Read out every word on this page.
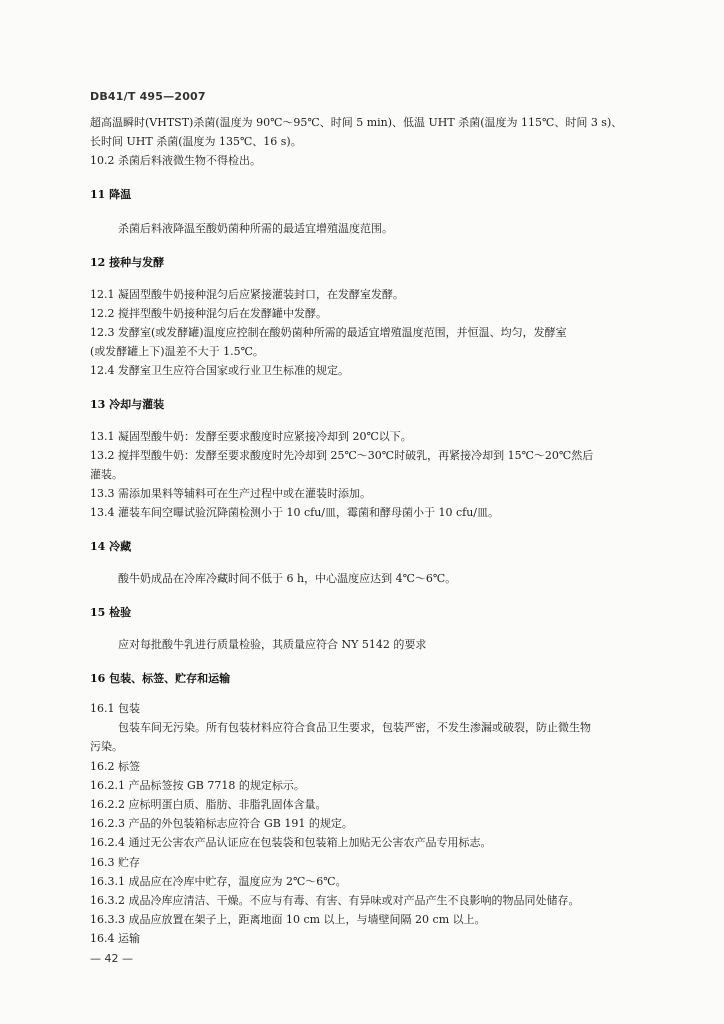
DB41/T 495—2007
超高温瞬时(VHTST)杀菌(温度为 90℃～95℃、时间 5 min)、低温 UHT 杀菌(温度为 115℃、时间 3 s)、
长时间 UHT 杀菌(温度为 135℃、16 s)。
10.2 杀菌后料液微生物不得检出。
11 降温
杀菌后料液降温至酸奶菌种所需的最适宜增殖温度范围。
12 接种与发酵
12.1 凝固型酸牛奶接种混匀后应紧接灌装封口，在发酵室发酵。
12.2 搅拌型酸牛奶接种混匀后在发酵罐中发酵。
12.3 发酵室(或发酵罐)温度应控制在酸奶菌种所需的最适宜增殖温度范围，并恒温、均匀，发酵室
(或发酵罐上下)温差不大于 1.5℃。
12.4 发酵室卫生应符合国家或行业卫生标准的规定。
13 冷却与灌装
13.1 凝固型酸牛奶：发酵至要求酸度时应紧接冷却到 20℃以下。
13.2 搅拌型酸牛奶：发酵至要求酸度时先冷却到 25℃～30℃时破乳，再紧接冷却到 15℃～20℃然后
灌装。
13.3 需添加果料等辅料可在生产过程中或在灌装时添加。
13.4 灌装车间空曝试验沉降菌检测小于 10 cfu/皿，霉菌和酵母菌小于 10 cfu/皿。
14 冷藏
酸牛奶成品在冷库冷藏时间不低于 6 h，中心温度应达到 4℃～6℃。
15 检验
应对每批酸牛乳进行质量检验，其质量应符合 NY 5142 的要求
16 包装、标签、贮存和运输
16.1 包装
包装车间无污染。所有包装材料应符合食品卫生要求，包装严密，不发生渗漏或破裂，防止微生物
污染。
16.2 标签
16.2.1 产品标签按 GB 7718 的规定标示。
16.2.2 应标明蛋白质、脂肪、非脂乳固体含量。
16.2.3 产品的外包装箱标志应符合 GB 191 的规定。
16.2.4 通过无公害农产品认证应在包装袋和包装箱上加贴无公害农产品专用标志。
16.3 贮存
16.3.1 成品应在冷库中贮存，温度应为 2℃～6℃。
16.3.2 成品冷库应清洁、干燥。不应与有毒、有害、有异味或对产品产生不良影响的物品同处储存。
16.3.3 成品应放置在架子上，距离地面 10 cm 以上，与墙壁间隔 20 cm 以上。
16.4 运输
— 42 —
